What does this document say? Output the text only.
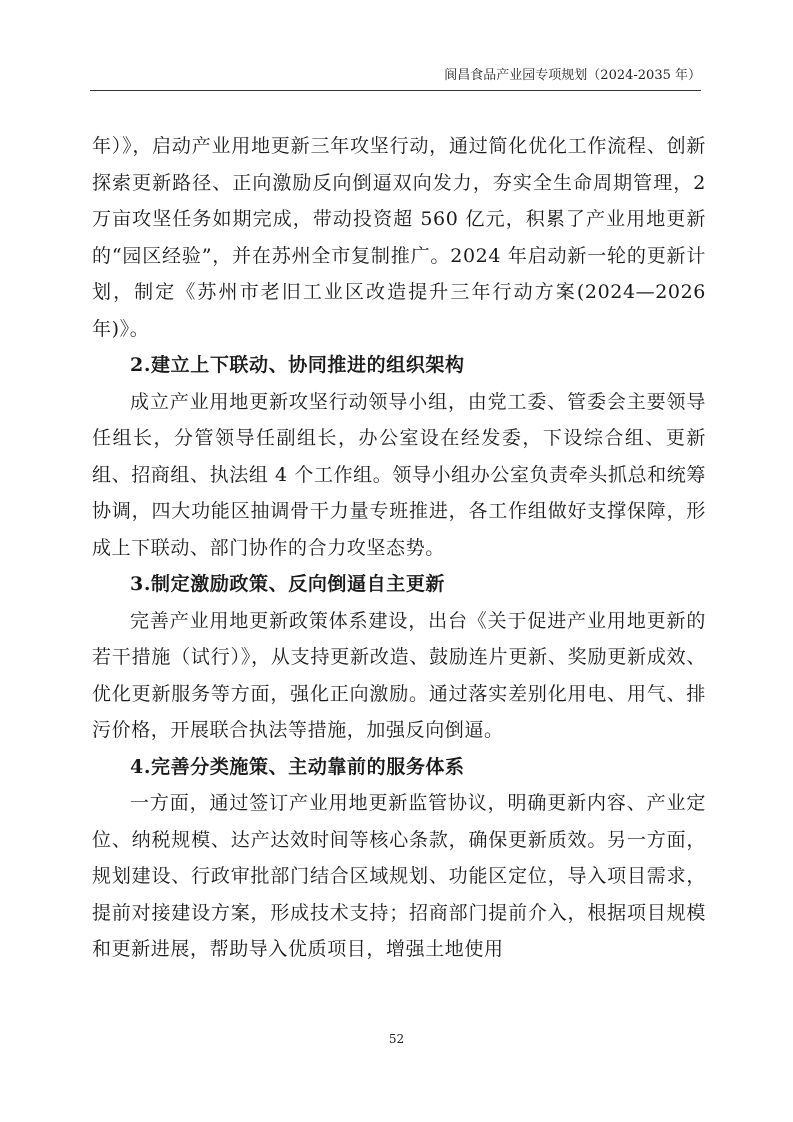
阆昌食品产业园专项规划（2024-2035 年）

年）》，启动产业用地更新三年攻坚行动，通过简化优化工作流程、创新探索更新路径、正向激励反向倒逼双向发力，夯实全生命周期管理，2 万亩攻坚任务如期完成，带动投资超 560 亿元，积累了产业用地更新的“园区经验”，并在苏州全市复制推广。2024 年启动新一轮的更新计划，制定《苏州市老旧工业区改造提升三年行动方案(2024—2026 年)》。

2.建立上下联动、协同推进的组织架构

成立产业用地更新攻坚行动领导小组，由党工委、管委会主要领导任组长，分管领导任副组长，办公室设在经发委，下设综合组、更新组、招商组、执法组 4 个工作组。领导小组办公室负责牵头抓总和统筹协调，四大功能区抽调骨干力量专班推进，各工作组做好支撑保障，形成上下联动、部门协作的合力攻坚态势。

3.制定激励政策、反向倒逼自主更新

完善产业用地更新政策体系建设，出台《关于促进产业用地更新的若干措施（试行）》，从支持更新改造、鼓励连片更新、奖励更新成效、优化更新服务等方面，强化正向激励。通过落实差别化用电、用气、排污价格，开展联合执法等措施，加强反向倒逼。

4.完善分类施策、主动靠前的服务体系

一方面，通过签订产业用地更新监管协议，明确更新内容、产业定位、纳税规模、达产达效时间等核心条款，确保更新质效。另一方面，规划建设、行政审批部门结合区域规划、功能区定位，导入项目需求，提前对接建设方案，形成技术支持；招商部门提前介入，根据项目规模和更新进展，帮助导入优质项目，增强土地使用

52
